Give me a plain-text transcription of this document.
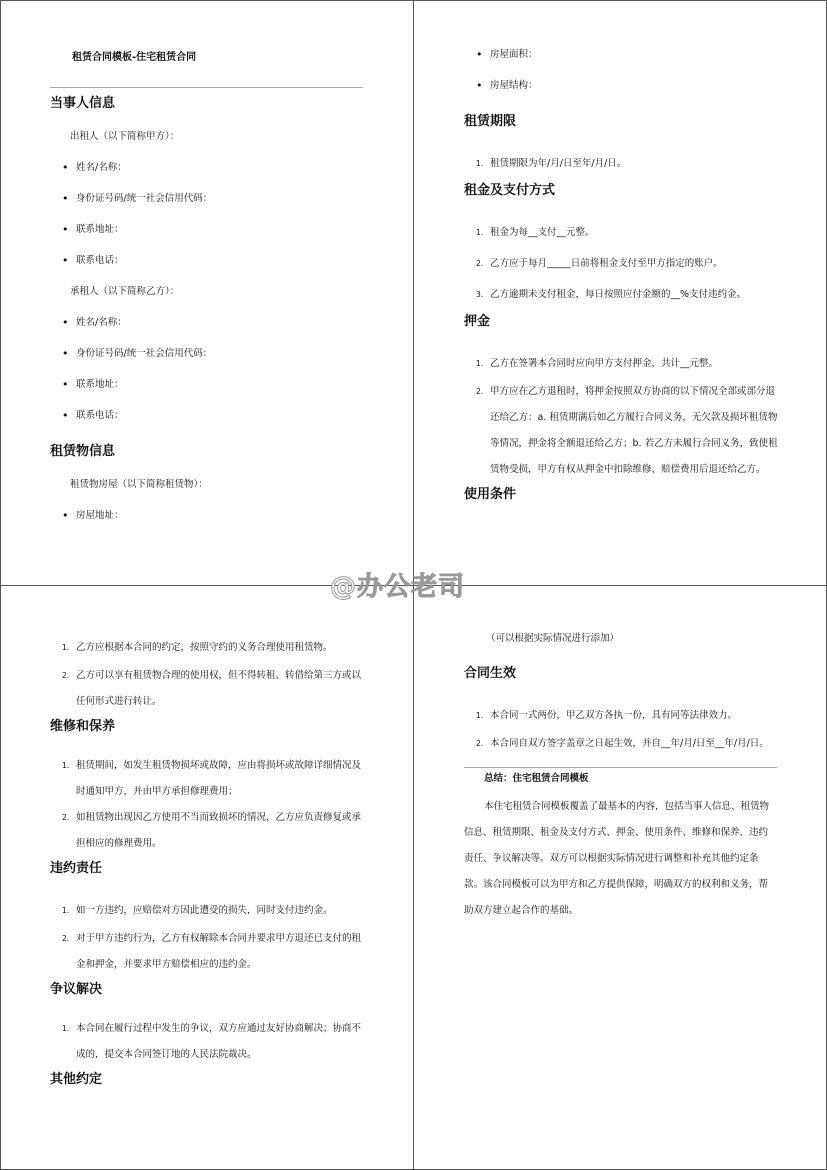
租赁合同模板-住宅租赁合同
当事人信息
出租人（以下简称甲方）：
• 姓名/名称：
• 身份证号码/统一社会信用代码：
• 联系地址：
• 联系电话：
承租人（以下简称乙方）：
• 姓名/名称：
• 身份证号码/统一社会信用代码：
• 联系地址：
• 联系电话：
租赁物信息
租赁物房屋（以下简称租赁物）：
• 房屋地址：
• 房屋面积：
• 房屋结构：
租赁期限
1. 租赁期限为年/月/日至年/月/日。
租金及支付方式
1. 租金为每__支付__元整。
2. 乙方应于每月_____日前将租金支付至甲方指定的账户。
3. 乙方逾期未支付租金，每日按照应付金额的__%支付违约金。
押金
1. 乙方在签署本合同时应向甲方支付押金，共计__元整。
2. 甲方应在乙方退租时，将押金按照双方协商的以下情况全部或部分退还给乙方：a. 租赁期满后如乙方履行合同义务，无欠款及损坏租赁物等情况，押金将全额退还给乙方；b. 若乙方未履行合同义务，致使租赁物受损，甲方有权从押金中扣除维修、赔偿费用后退还给乙方。
使用条件
1. 乙方应根据本合同的约定，按照守约的义务合理使用租赁物。
2. 乙方可以享有租赁物合理的使用权，但不得转租、转借给第三方或以任何形式进行转让。
维修和保养
1. 租赁期间，如发生租赁物损坏或故障，应由将损坏或故障详细情况及时通知甲方，并由甲方承担修理费用；
2. 如租赁物出现因乙方使用不当而致损坏的情况，乙方应负责修复或承担相应的修理费用。
违约责任
1. 如一方违约，应赔偿对方因此遭受的损失，同时支付违约金。
2. 对于甲方违约行为，乙方有权解除本合同并要求甲方退还已支付的租金和押金，并要求甲方赔偿相应的违约金。
争议解决
1. 本合同在履行过程中发生的争议，双方应通过友好协商解决；协商不成的，提交本合同签订地的人民法院裁决。
其他约定
（可以根据实际情况进行添加）
合同生效
1. 本合同一式两份，甲乙双方各执一份，具有同等法律效力。
2. 本合同自双方签字盖章之日起生效，并自__年/月/日至__年/月/日。
总结：住宅租赁合同模板

本住宅租赁合同模板覆盖了最基本的内容，包括当事人信息、租赁物信息、租赁期限、租金及支付方式、押金、使用条件、维修和保养、违约责任、争议解决等。双方可以根据实际情况进行调整和补充其他约定条款。该合同模板可以为甲方和乙方提供保障，明确双方的权利和义务，帮助双方建立起合作的基础。

@办公老司
